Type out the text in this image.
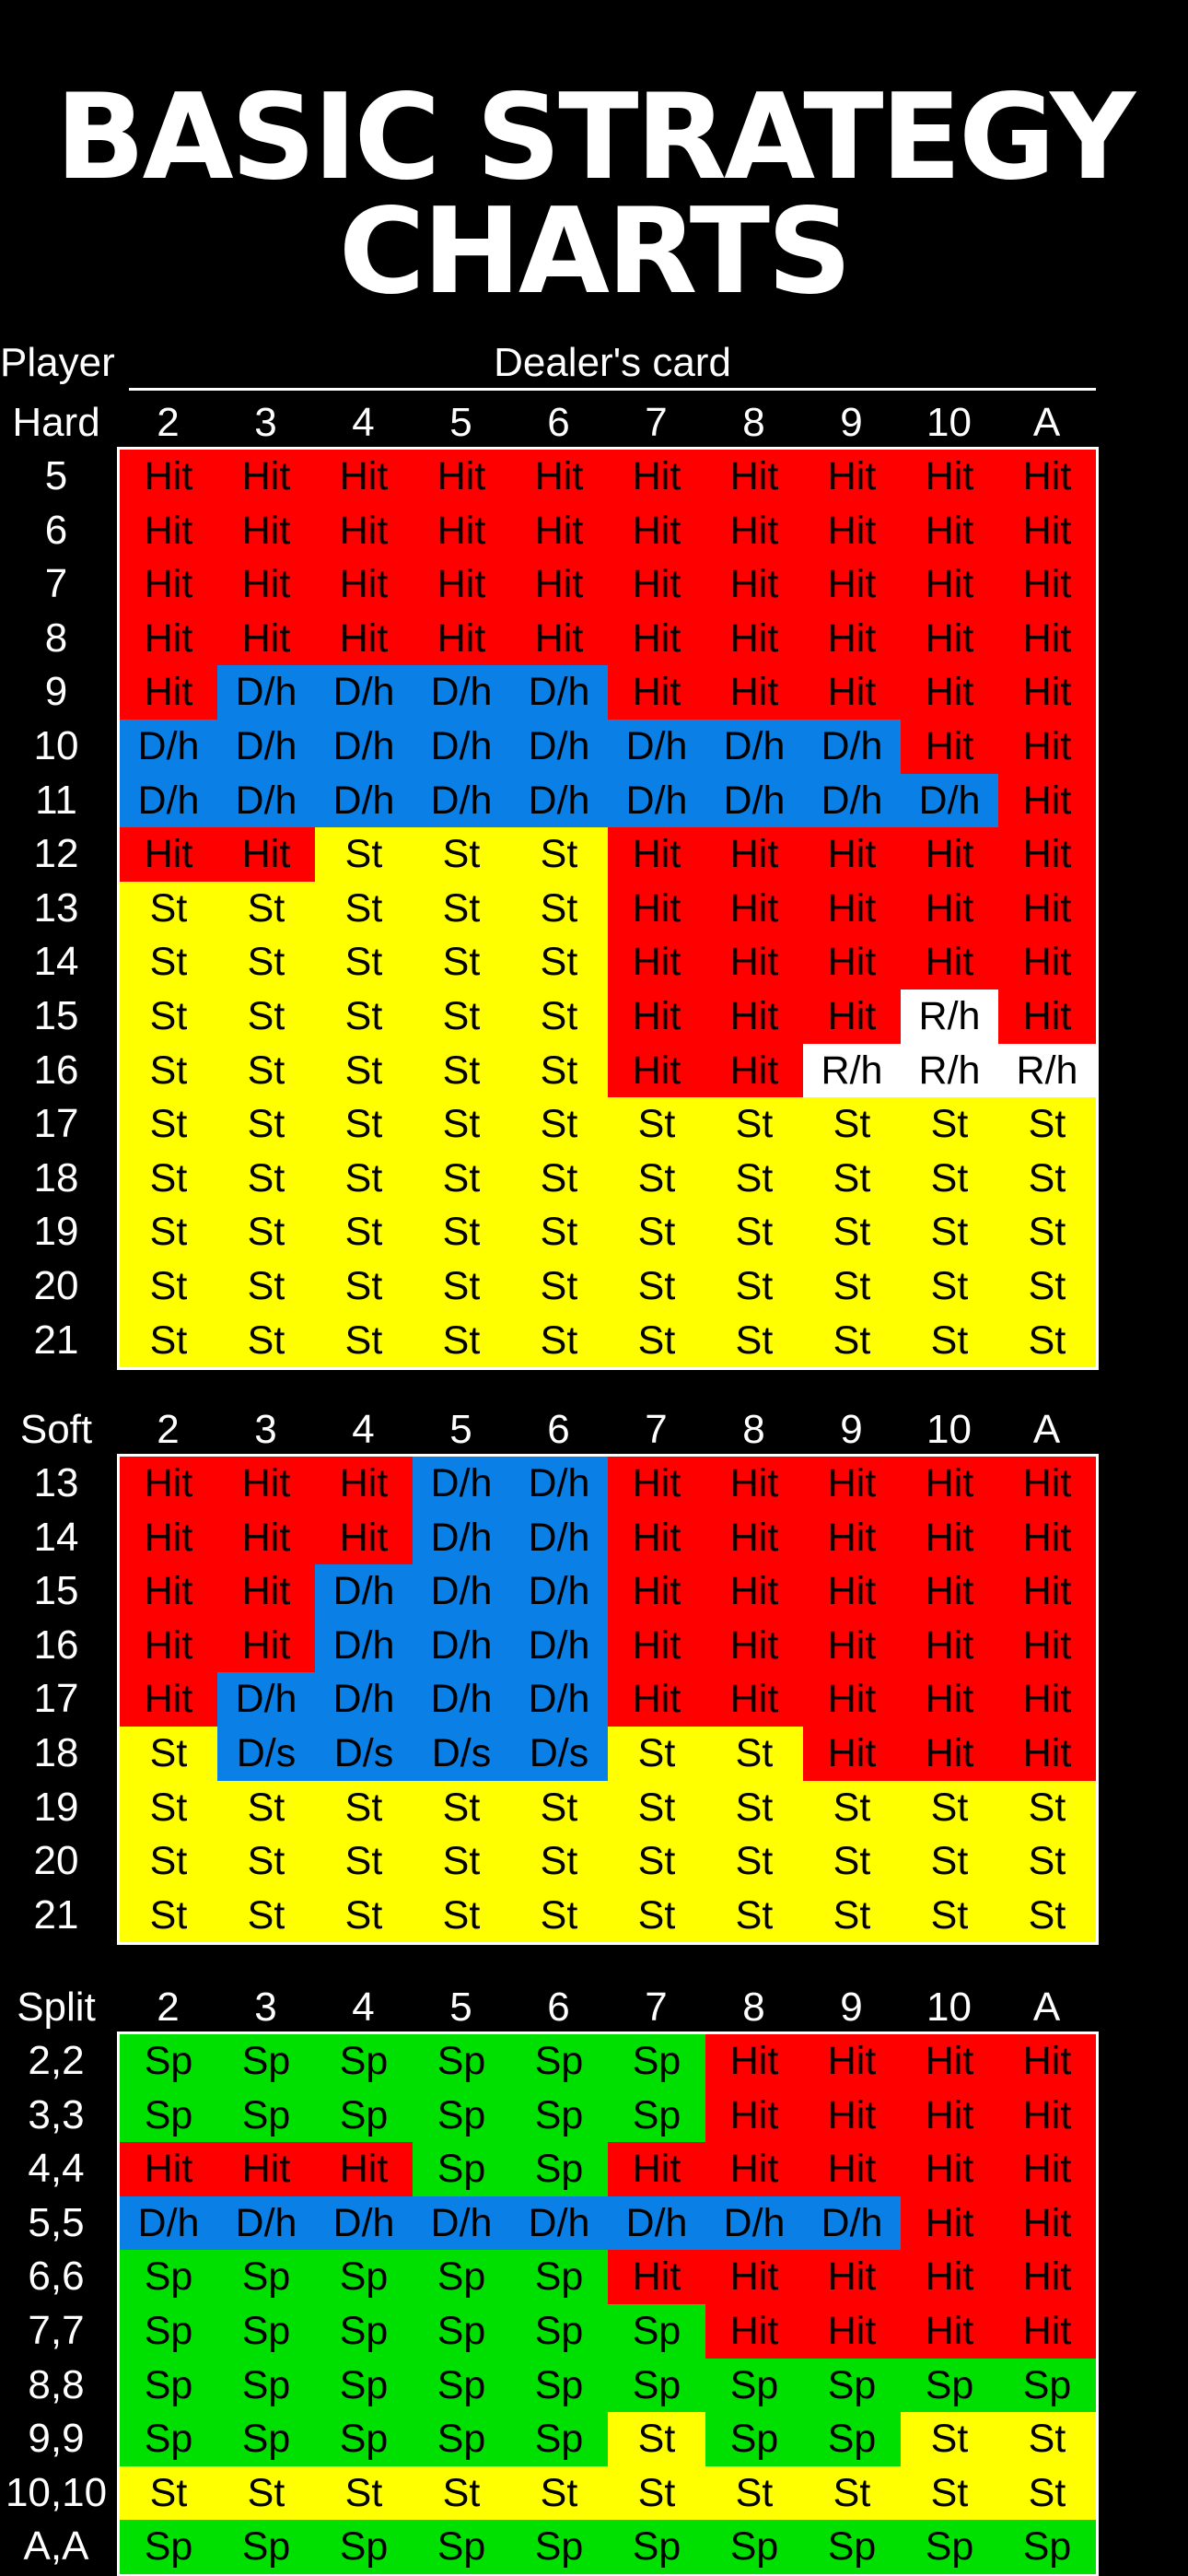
BASIC STRATEGY
CHARTS
Player	Dealer's card
Hard	2	3	4	5	6	7	8	9	10	A
5	Hit	Hit	Hit	Hit	Hit	Hit	Hit	Hit	Hit	Hit
6	Hit	Hit	Hit	Hit	Hit	Hit	Hit	Hit	Hit	Hit
7	Hit	Hit	Hit	Hit	Hit	Hit	Hit	Hit	Hit	Hit
8	Hit	Hit	Hit	Hit	Hit	Hit	Hit	Hit	Hit	Hit
9	Hit	D/h D/h D/h D/h	Hit	Hit	Hit	Hit	Hit
10	D/h D/h D/h D/h D/h D/h D/h D/h	Hit	Hit
11	D/h D/h D/h D/h D/h D/h D/h D/h D/h	Hit
12	Hit	Hit	St	St	St	Hit	Hit	Hit	Hit	Hit
13	St	St	St	St	St	Hit	Hit	Hit	Hit	Hit
14	St	St	St	St	St	Hit	Hit	Hit	Hit	Hit
15	St	St	St	St	St	Hit	Hit	Hit	R/h	Hit
16	St	St	St	St	St	Hit	Hit	R/h R/h R/h
17	St	St	St	St	St	St	St	St	St	St
18	St	St	St	St	St	St	St	St	St	St
19	St	St	St	St	St	St	St	St	St	St
20	St	St	St	St	St	St	St	St	St	St
21	St	St	St	St	St	St	St	St	St	St
Soft	2	3	4	5	6	7	8	9	10	A
13	Hit	Hit	Hit	D/h D/h	Hit	Hit	Hit	Hit	Hit
14	Hit	Hit	Hit	D/h D/h	Hit	Hit	Hit	Hit	Hit
15	Hit	Hit	D/h D/h D/h	Hit	Hit	Hit	Hit	Hit
16	Hit	Hit	D/h D/h D/h	Hit	Hit	Hit	Hit	Hit
17	Hit	D/h D/h D/h D/h	Hit	Hit	Hit	Hit	Hit
18	St	D/s D/s D/s D/s	St	St	Hit	Hit	Hit
19	St	St	St	St	St	St	St	St	St	St
20	St	St	St	St	St	St	St	St	St	St
21	St	St	St	St	St	St	St	St	St	St
Split	2	3	4	5	6	7	8	9	10	A
2,2	Sp	Sp	Sp	Sp	Sp	Sp	Hit	Hit	Hit	Hit
3,3	Sp	Sp	Sp	Sp	Sp	Sp	Hit	Hit	Hit	Hit
4,4	Hit	Hit	Hit	Sp	Sp	Hit	Hit	Hit	Hit	Hit
5,5	D/h D/h D/h D/h D/h D/h D/h D/h	Hit	Hit
6,6	Sp	Sp	Sp	Sp	Sp	Hit	Hit	Hit	Hit	Hit
7,7	Sp	Sp	Sp	Sp	Sp	Sp	Hit	Hit	Hit	Hit
8,8	Sp	Sp	Sp	Sp	Sp	Sp	Sp	Sp	Sp	Sp
9,9	Sp	Sp	Sp	Sp	Sp	St	Sp	Sp	St	St
10,10	St	St	St	St	St	St	St	St	St	St
A,A	Sp	Sp	Sp	Sp	Sp	Sp	Sp	Sp	Sp	Sp
